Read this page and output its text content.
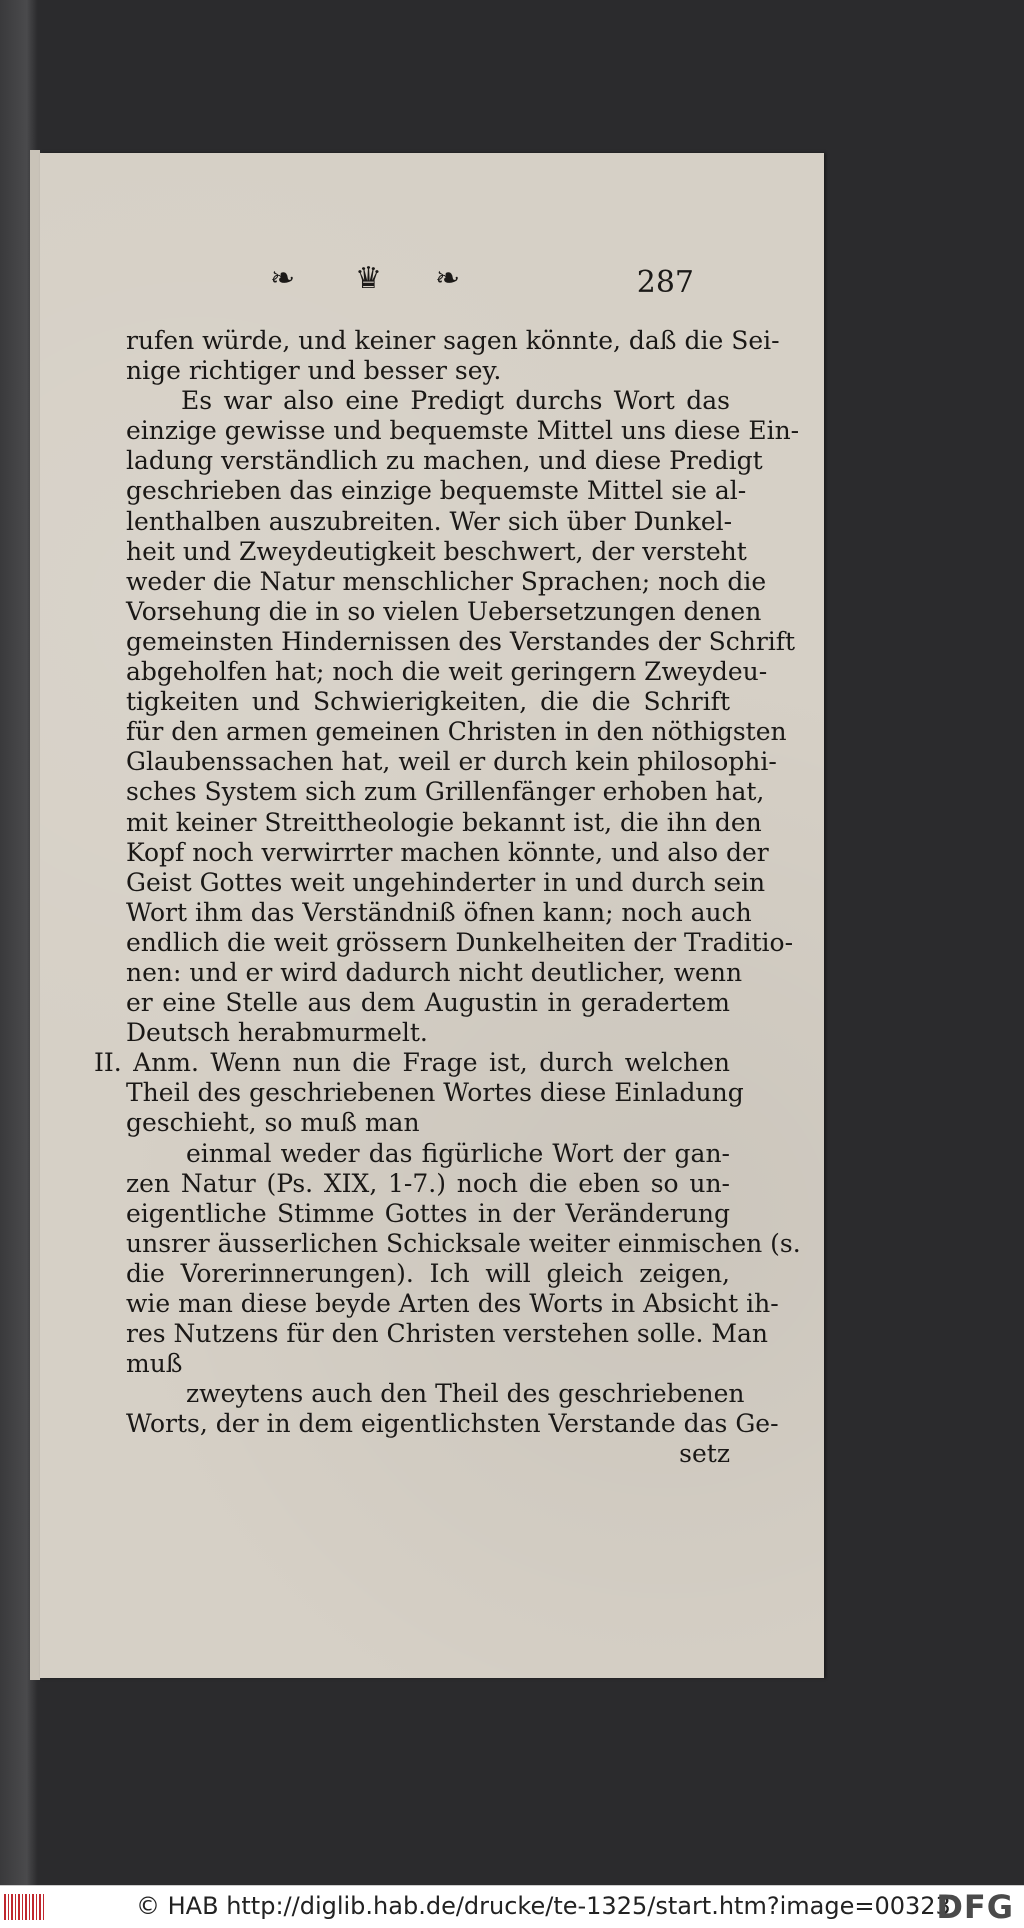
❧ ♛ ❧	287
rufen würde, und keiner sagen könnte, daß die Sei-
nige richtiger und besser sey.
Es war also eine Predigt durchs Wort das
einzige gewisse und bequemste Mittel uns diese Ein-
ladung verständlich zu machen, und diese Predigt
geschrieben das einzige bequemste Mittel sie al-
lenthalben auszubreiten. Wer sich über Dunkel-
heit und Zweydeutigkeit beschwert, der versteht
weder die Natur menschlicher Sprachen; noch die
Vorsehung die in so vielen Uebersetzungen denen
gemeinsten Hindernissen des Verstandes der Schrift
abgeholfen hat; noch die weit geringern Zweydeu-
tigkeiten und Schwierigkeiten, die die Schrift
für den armen gemeinen Christen in den nöthigsten
Glaubenssachen hat, weil er durch kein philosophi-
sches System sich zum Grillenfänger erhoben hat,
mit keiner Streittheologie bekannt ist, die ihn den
Kopf noch verwirrter machen könnte, und also der
Geist Gottes weit ungehinderter in und durch sein
Wort ihm das Verständniß öfnen kann; noch auch
endlich die weit grössern Dunkelheiten der Traditio-
nen: und er wird dadurch nicht deutlicher, wenn
er eine Stelle aus dem Augustin in geradertem
Deutsch herabmurmelt.
II. Anm. Wenn nun die Frage ist, durch welchen
Theil des geschriebenen Wortes diese Einladung
geschieht, so muß man
einmal weder das figürliche Wort der gan-
zen Natur (Ps. XIX, 1-7.) noch die eben so un-
eigentliche Stimme Gottes in der Veränderung
unsrer äusserlichen Schicksale weiter einmischen (s.
die Vorerinnerungen). Ich will gleich zeigen,
wie man diese beyde Arten des Worts in Absicht ih-
res Nutzens für den Christen verstehen solle. Man
muß
zweytens auch den Theil des geschriebenen
Worts, der in dem eigentlichsten Verstande das Ge-
setz
© HAB http://diglib.hab.de/drucke/te-1325/start.htm?image=00323
DFG
